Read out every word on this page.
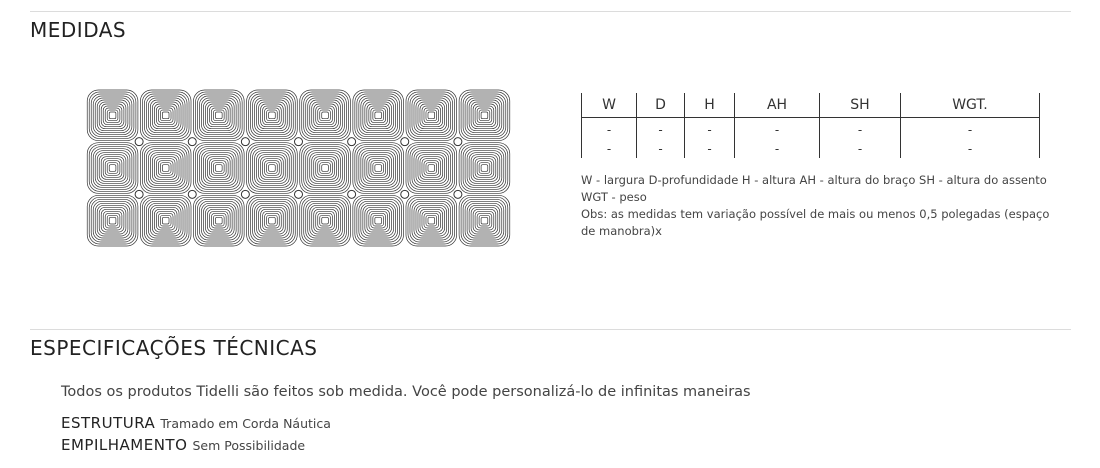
MEDIDAS
W	D	H	AH	SH	WGT.
-	-	-	-	-	-
-	-	-	-	-	-

W - largura D-profundidade H - altura AH - altura do braço SH - altura do assento WGT - peso

Obs: as medidas tem variação possível de mais ou menos 0,5 polegadas (espaço de manobra)x

ESPECIFICAÇÕES TÉCNICAS

Todos os produtos Tidelli são feitos sob medida. Você pode personalizá-lo de infinitas maneiras

ESTRUTURA Tramado em Corda Náutica

EMPILHAMENTO Sem Possibilidade
